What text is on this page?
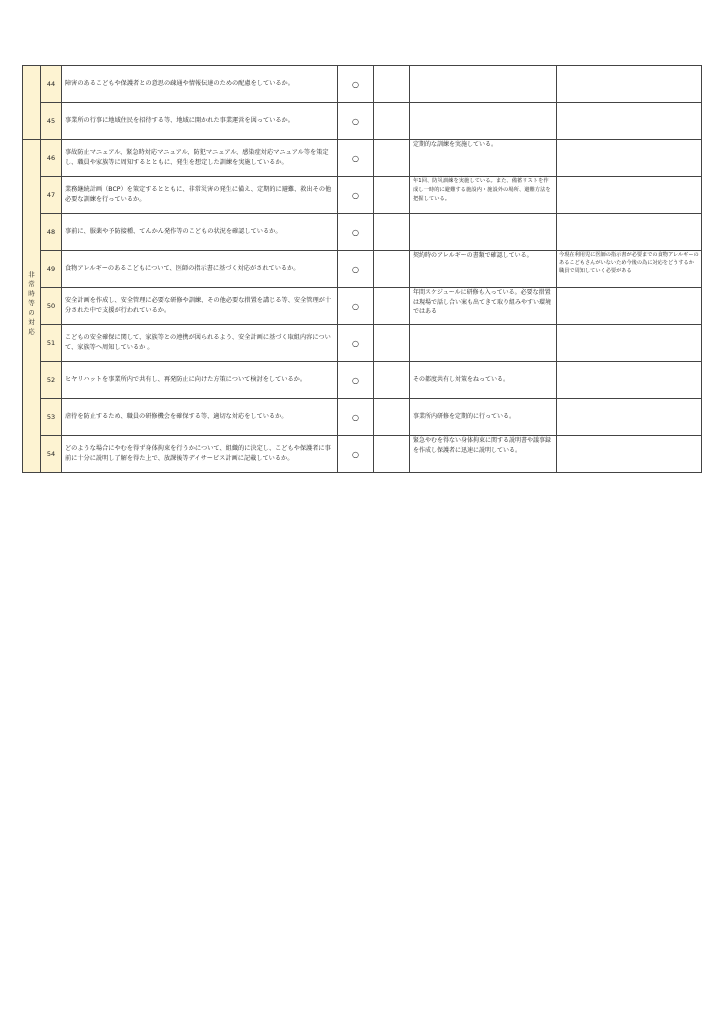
	44	障害のあるこどもや保護者との意思の疎通や情報伝達のための配慮をしているか。	○			
	45	事業所の行事に地域住民を招待する等、地域に開かれた事業運営を図っているか。	○			
非常時等の対応	46	事故防止マニュアル、緊急時対応マニュアル、防犯マニュアル、感染症対応マニュアル等を策定し、職員や家族等に周知するとともに、発生を想定した訓練を実施しているか。	○		定期的な訓練を実施している。	
	47	業務継続計画（BCP）を策定するとともに、非常災害の発生に備え、定期的に避難、救出その他必要な訓練を行っているか。	○		年1回、防災訓練を実施している。また、備蓄リストを作成し一時的に避難する施設内・施設外の場所、避難方法を把握している。	
	48	事前に、服薬や予防接種、てんかん発作等のこどもの状況を確認しているか。	○			
	49	食物アレルギーのあるこどもについて、医師の指示書に基づく対応がされているか。	○		契約時のアレルギーの書類で確認している。	今現在利用児に医師の指示書が必要までの食物アレルギーのあるこどもさんがいないため今後の為に対応をどうするか職員で周知していく必要がある
	50	安全計画を作成し、安全管理に必要な研修や訓練、その他必要な措置を講じる等、安全管理が十分された中で支援が行われているか。	○		年間スケジュールに研修も入っている。必要な措置は現場で話し合い案も出てきて取り組みやすい環境ではある	
	51	こどもの安全確保に関して、家族等との連携が図られるよう、安全計画に基づく取組内容について、家族等へ周知しているか 。	○			
	52	ヒヤリハットを事業所内で共有し、再発防止に向けた方策について検討をしているか。	○		その都度共有し対策をねっている。	
	53	虐待を防止するため、職員の研修機会を確保する等、適切な対応をしているか。	○		事業所内研修を定期的に行っている。	
	54	どのような場合にやむを得ず身体拘束を行うかについて、組織的に決定し、こどもや保護者に事前に十分に説明し了解を得た上で、放課後等デイサービス計画に記載しているか。	○		緊急やむを得ない身体拘束に関する説明書や議事録を作成し保護者に迅速に説明している。	
